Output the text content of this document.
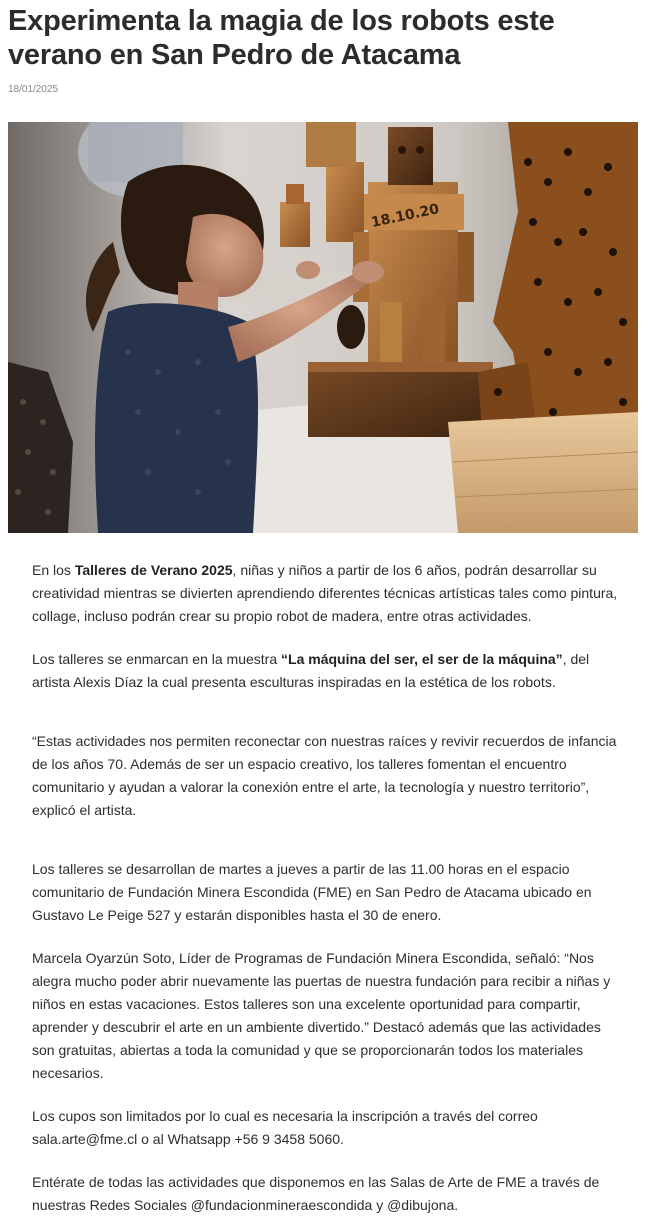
Experimenta la magia de los robots este verano en San Pedro de Atacama
18/01/2025
18.10.20

En los Talleres de Verano 2025, niñas y niños a partir de los 6 años, podrán desarrollar su creatividad mientras se divierten aprendiendo diferentes técnicas artísticas tales como pintura, collage, incluso podrán crear su propio robot de madera, entre otras actividades.

Los talleres se enmarcan en la muestra “La máquina del ser, el ser de la máquina”, del artista Alexis Díaz la cual presenta esculturas inspiradas en la estética de los robots.

“Estas actividades nos permiten reconectar con nuestras raíces y revivir recuerdos de infancia de los años 70. Además de ser un espacio creativo, los talleres fomentan el encuentro comunitario y ayudan a valorar la conexión entre el arte, la tecnología y nuestro territorio”, explicó el artista.

Los talleres se desarrollan de martes a jueves a partir de las 11.00 horas en el espacio comunitario de Fundación Minera Escondida (FME) en San Pedro de Atacama ubicado en Gustavo Le Peige 527 y estarán disponibles hasta el 30 de enero.

Marcela Oyarzún Soto, Líder de Programas de Fundación Minera Escondida, señaló: “Nos alegra mucho poder abrir nuevamente las puertas de nuestra fundación para recibir a niñas y niños en estas vacaciones. Estos talleres son una excelente oportunidad para compartir, aprender y descubrir el arte en un ambiente divertido.” Destacó además que las actividades son gratuitas, abiertas a toda la comunidad y que se proporcionarán todos los materiales necesarios.

Los cupos son limitados por lo cual es necesaria la inscripción a través del correo sala.arte@fme.cl o al Whatsapp +56 9 3458 5060.

Entérate de todas las actividades que disponemos en las Salas de Arte de FME a través de nuestras Redes Sociales @fundacionmineraescondida y @dibujona.
